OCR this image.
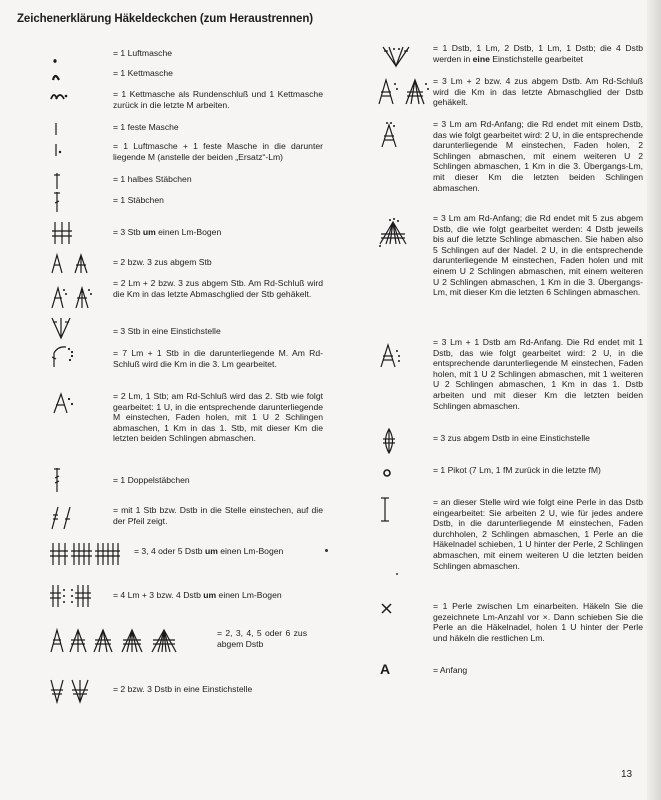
Zeichenerklärung Häkeldeckchen (zum Heraustrennen)
= 1 Luftmasche
= 1 Kettmasche
= 1 Kettmasche als Rundenschluß und 1 Kettmasche zurück in die letzte M arbeiten.
= 1 feste Masche
= 1 Luftmasche + 1 feste Masche in die darunter liegende M (anstelle der beiden „Ersatz“-Lm)
= 1 halbes Stäbchen
= 1 Stäbchen
= 3 Stb um einen Lm-Bogen
= 2 bzw. 3 zus abgem Stb
= 2 Lm + 2 bzw. 3 zus abgem Stb. Am Rd-Schluß wird die Km in das letzte Abmaschglied der Stb gehäkelt.
= 3 Stb in eine Einstichstelle
= 7 Lm + 1 Stb in die darunterliegende M. Am Rd-Schluß wird die Km in die 3. Lm gearbeitet.
= 2 Lm, 1 Stb; am Rd-Schluß wird das 2. Stb wie folgt gearbeitet: 1 U, in die entsprechende darunterliegende M einstechen, Faden holen, mit 1 U 2 Schlingen abmaschen, 1 Km in das 1. Stb, mit dieser Km die letzten beiden Schlingen abmaschen.
= 1 Doppelstäbchen
= mit 1 Stb bzw. Dstb in die Stelle einstechen, auf die der Pfeil zeigt.
= 3, 4 oder 5 Dstb um einen Lm-Bogen
= 4 Lm + 3 bzw. 4 Dstb um einen Lm-Bogen
= 2, 3, 4, 5 oder 6 zus abgem Dstb
= 2 bzw. 3 Dstb in eine Einstichstelle
= 1 Dstb, 1 Lm, 2 Dstb, 1 Lm, 1 Dstb; die 4 Dstb werden in eine Einstichstelle gearbeitet
= 3 Lm + 2 bzw. 4 zus abgem Dstb. Am Rd-Schluß wird die Km in das letzte Abmaschglied der Dstb gehäkelt.
= 3 Lm am Rd-Anfang; die Rd endet mit einem Dstb, das wie folgt gearbeitet wird: 2 U, in die entsprechende darunterliegende M einstechen, Faden holen, 2 Schlingen abmaschen, mit einem weiteren U 2 Schlingen abmaschen, 1 Km in die 3. Übergangs-Lm, mit dieser Km die letzten beiden Schlingen abmaschen.
= 3 Lm am Rd-Anfang; die Rd endet mit 5 zus abgem Dstb, die wie folgt gearbeitet werden: 4 Dstb jeweils bis auf die letzte Schlinge abmaschen. Sie haben also 5 Schlingen auf der Nadel. 2 U, in die entsprechende darunterliegende M einstechen, Faden holen und mit einem U 2 Schlingen abmaschen, mit einem weiteren U 2 Schlingen abmaschen, 1 Km in die 3. Übergangs-Lm, mit dieser Km die letzten 6 Schlingen abmaschen.
= 3 Lm + 1 Dstb am Rd-Anfang. Die Rd endet mit 1 Dstb, das wie folgt gearbeitet wird: 2 U, in die entsprechende darunterliegende M einstechen, Faden holen, mit 1 U 2 Schlingen abmaschen, mit 1 weiteren U 2 Schlingen abmaschen, 1 Km in das 1. Dstb arbeiten und mit dieser Km die letzten beiden Schlingen abmaschen.
= 3 zus abgem Dstb in eine Einstichstelle
= 1 Pikot (7 Lm, 1 fM zurück in die letzte fM)
= an dieser Stelle wird wie folgt eine Perle in das Dstb eingearbeitet: Sie arbeiten 2 U, wie für jedes andere Dstb, in die darunterliegende M einstechen, Faden durchholen, 2 Schlingen abmaschen, 1 Perle an die Häkelnadel schieben, 1 U hinter der Perle, 2 Schlingen abmaschen, mit einem weiteren U die letzten beiden Schlingen abmaschen.
= 1 Perle zwischen Lm einarbeiten. Häkeln Sie die gezeichnete Lm-Anzahl vor ×. Dann schieben Sie die Perle an die Häkelnadel, holen 1 U hinter der Perle und häkeln die restlichen Lm.
A	= Anfang
13
